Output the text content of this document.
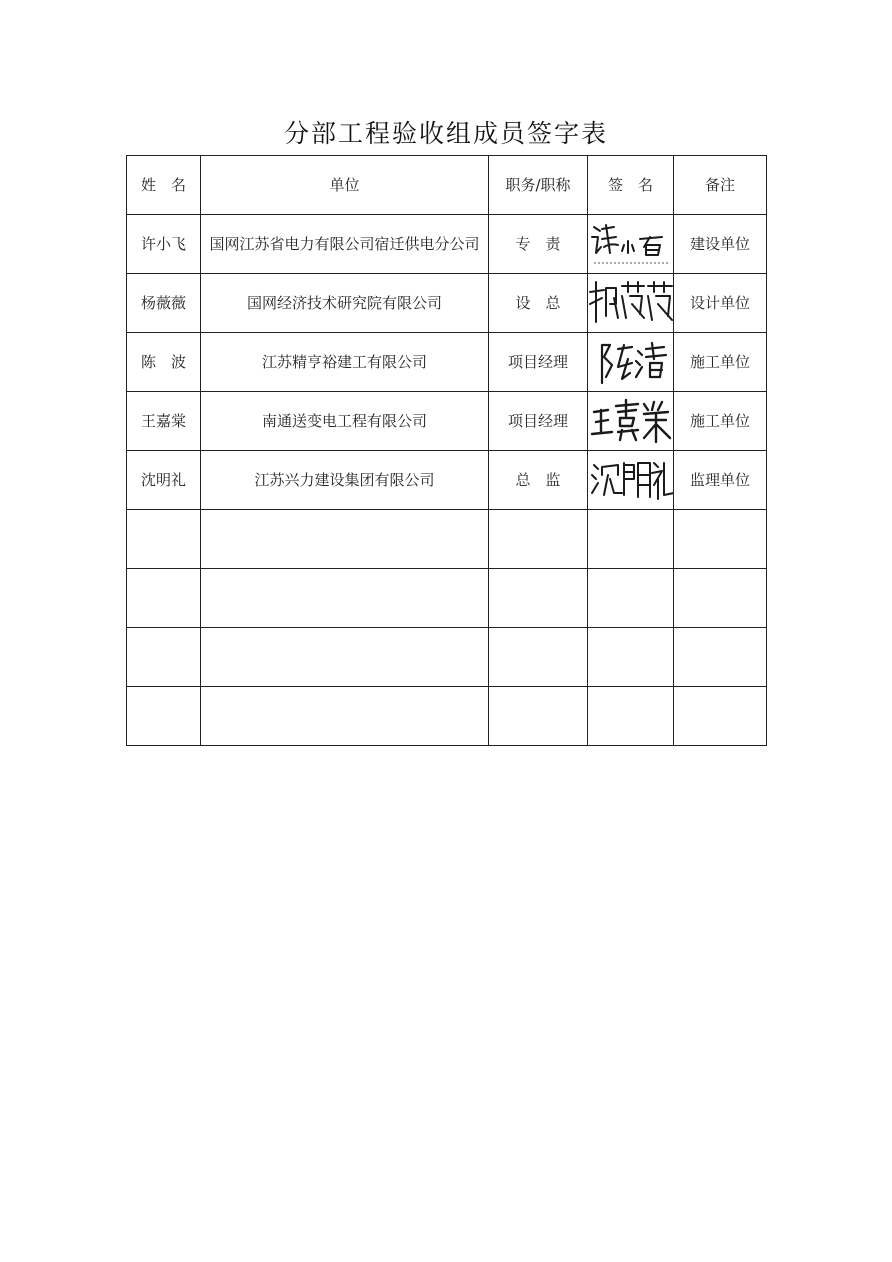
分部工程验收组成员签字表
姓　名	单位	职务/职称	签　名	备注
许小飞	国网江苏省电力有限公司宿迁供电分公司	专　责		建设单位
杨薇薇	国网经济技术研究院有限公司	设　总		设计单位
陈　波	江苏精亨裕建工有限公司	项目经理		施工单位
王嘉棠	南通送变电工程有限公司	项目经理		施工单位
沈明礼	江苏兴力建设集团有限公司	总　监		监理单位
